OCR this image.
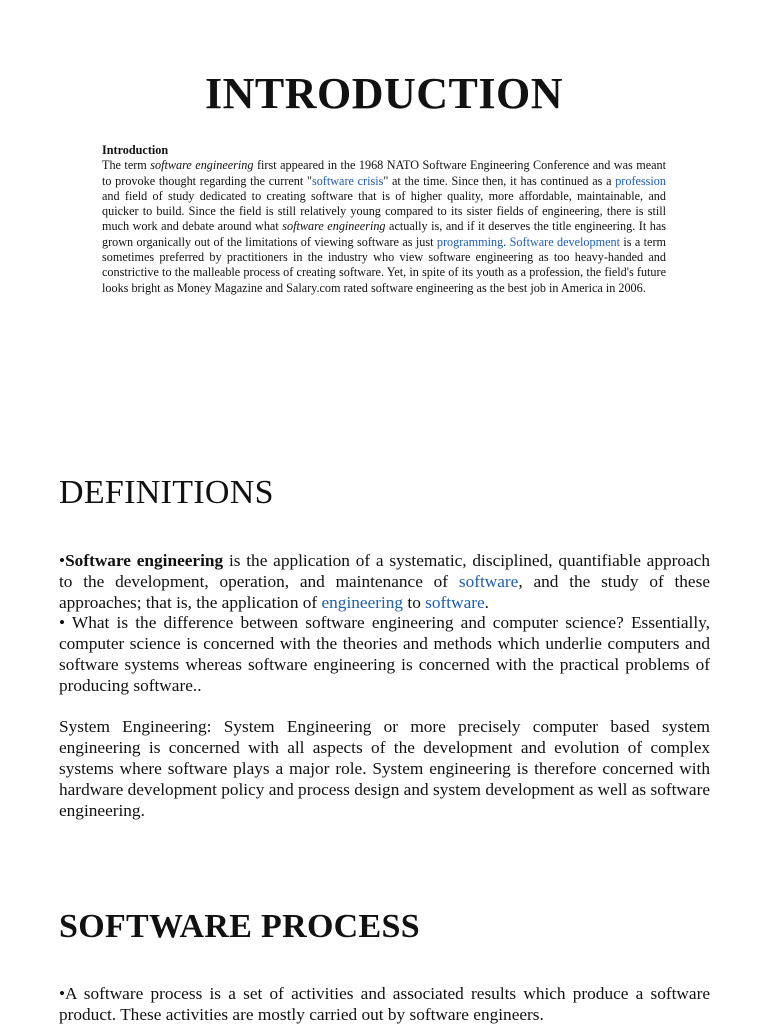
INTRODUCTION
Introduction
The term software engineering first appeared in the 1968 NATO Software Engineering Conference and was meant to provoke thought regarding the current "software crisis" at the time. Since then, it has continued as a profession and field of study dedicated to creating software that is of higher quality, more affordable, maintainable, and quicker to build. Since the field is still relatively young compared to its sister fields of engineering, there is still much work and debate around what software engineering actually is, and if it deserves the title engineering. It has grown organically out of the limitations of viewing software as just programming. Software development is a term sometimes preferred by practitioners in the industry who view software engineering as too heavy-handed and constrictive to the malleable process of creating software. Yet, in spite of its youth as a profession, the field's future looks bright as Money Magazine and Salary.com rated software engineering as the best job in America in 2006.
DEFINITIONS

•Software engineering is the application of a systematic, disciplined, quantifiable approach to the development, operation, and maintenance of software, and the study of these approaches; that is, the application of engineering to software.

• What is the difference between software engineering and computer science? Essentially, computer science is concerned with the theories and methods which underlie computers and software systems whereas software engineering is concerned with the practical problems of producing software..

System Engineering: System Engineering or more precisely computer based system engineering is concerned with all aspects of the development and evolution of complex systems where software plays a major role. System engineering is therefore concerned with hardware development policy and process design and system development as well as software engineering.

SOFTWARE PROCESS

•A software process is a set of activities and associated results which produce a software product. These activities are mostly carried out by software engineers.
